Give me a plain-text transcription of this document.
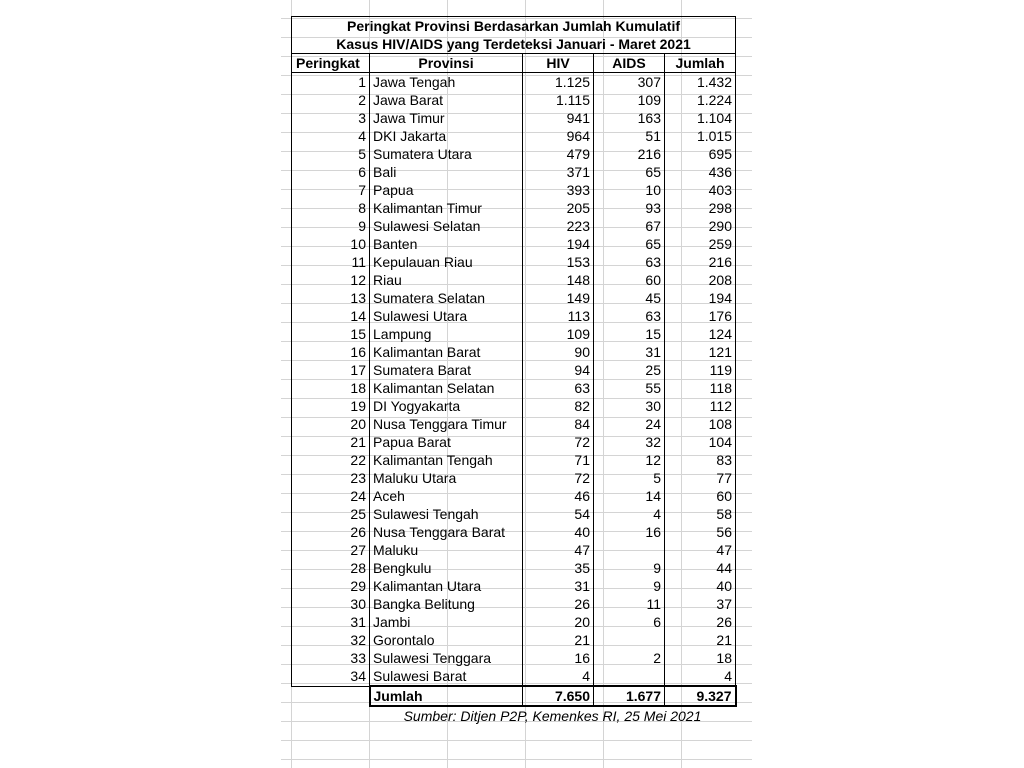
Peringkat Provinsi Berdasarkan Jumlah Kumulatif				
Kasus HIV/AIDS yang Terdeteksi Januari - Maret 2021				
Peringkat	Provinsi	HIV	AIDS	Jumlah
1	Jawa Tengah	1.125	307	1.432
2	Jawa Barat	1.115	109	1.224
3	Jawa Timur	941	163	1.104
4	DKI Jakarta	964	51	1.015
5	Sumatera Utara	479	216	695
6	Bali	371	65	436
7	Papua	393	10	403
8	Kalimantan Timur	205	93	298
9	Sulawesi Selatan	223	67	290
10	Banten	194	65	259
11	Kepulauan Riau	153	63	216
12	Riau	148	60	208
13	Sumatera Selatan	149	45	194
14	Sulawesi Utara	113	63	176
15	Lampung	109	15	124
16	Kalimantan Barat	90	31	121
17	Sumatera Barat	94	25	119
18	Kalimantan Selatan	63	55	118
19	DI Yogyakarta	82	30	112
20	Nusa Tenggara Timur	84	24	108
21	Papua Barat	72	32	104
22	Kalimantan Tengah	71	12	83
23	Maluku Utara	72	5	77
24	Aceh	46	14	60
25	Sulawesi Tengah	54	4	58
26	Nusa Tenggara Barat	40	16	56
27	Maluku	47		47
28	Bengkulu	35	9	44
29	Kalimantan Utara	31	9	40
30	Bangka Belitung	26	11	37
31	Jambi	20	6	26
32	Gorontalo	21		21
33	Sulawesi Tenggara	16	2	18
34	Sulawesi Barat	4		4
	Jumlah	7.650	1.677	9.327
	Sumber: Ditjen P2P, Kemenkes RI, 25 Mei 2021			
